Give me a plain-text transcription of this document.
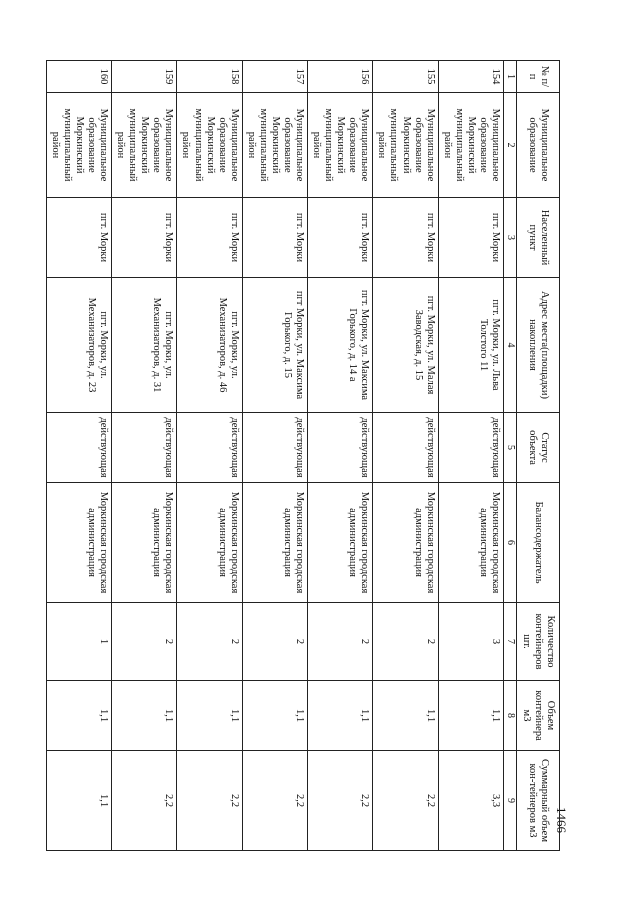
1466
№ п/п	Муниципальное образование	Населенный пункт	Адрес места(площадки) накопления	Статус объекта	Балансодержатель	Количество контейнеров шт.	Объем контейнера м3	Суммарный объем кон-тейнеров м3
1	2	3	4	5	6	7	8	9
154	Муниципальное образование Моркинский муниципальный район	пгт. Морки	пгт. Морки, ул. Льва Толстого 11	действующая	Моркинская городская администрация	3	1,1	3,3
155	Муниципальное образование Моркинский муниципальный район	пгт. Морки	пгт. Морки, ул. Малая Заводская, д. 15	действующая	Моркинская городская администрация	2	1,1	2,2
156	Муниципальное образование Моркинский муниципальный район	пгт. Морки	пгт. Морки, ул. Максима Горького, д. 14 а	действующая	Моркинская городская администрация	2	1,1	2,2
157	Муниципальное образование Моркинский муниципальный район	пгт. Морки	пгт Морки, ул. Максима Горького, д. 15	действующая	Моркинская городская администрация	2	1,1	2,2
158	Муниципальное образование Моркинский муниципальный район	пгт. Морки	пгт. Морки, ул. Механизаторов, д. 46	действующая	Моркинская городская администрация	2	1,1	2,2
159	Муниципальное образование Моркинский муниципальный район	пгт. Морки	пгт. Морки, ул. Механизаторов, д. 31	действующая	Моркинская городская администрация	2	1,1	2,2
160	Муниципальное образование Моркинский муниципальный район	пгт. Морки	пгт. Морки, ул. Механизаторов, д. 23	действующая	Моркинская городская администрация	1	1,1	1,1
